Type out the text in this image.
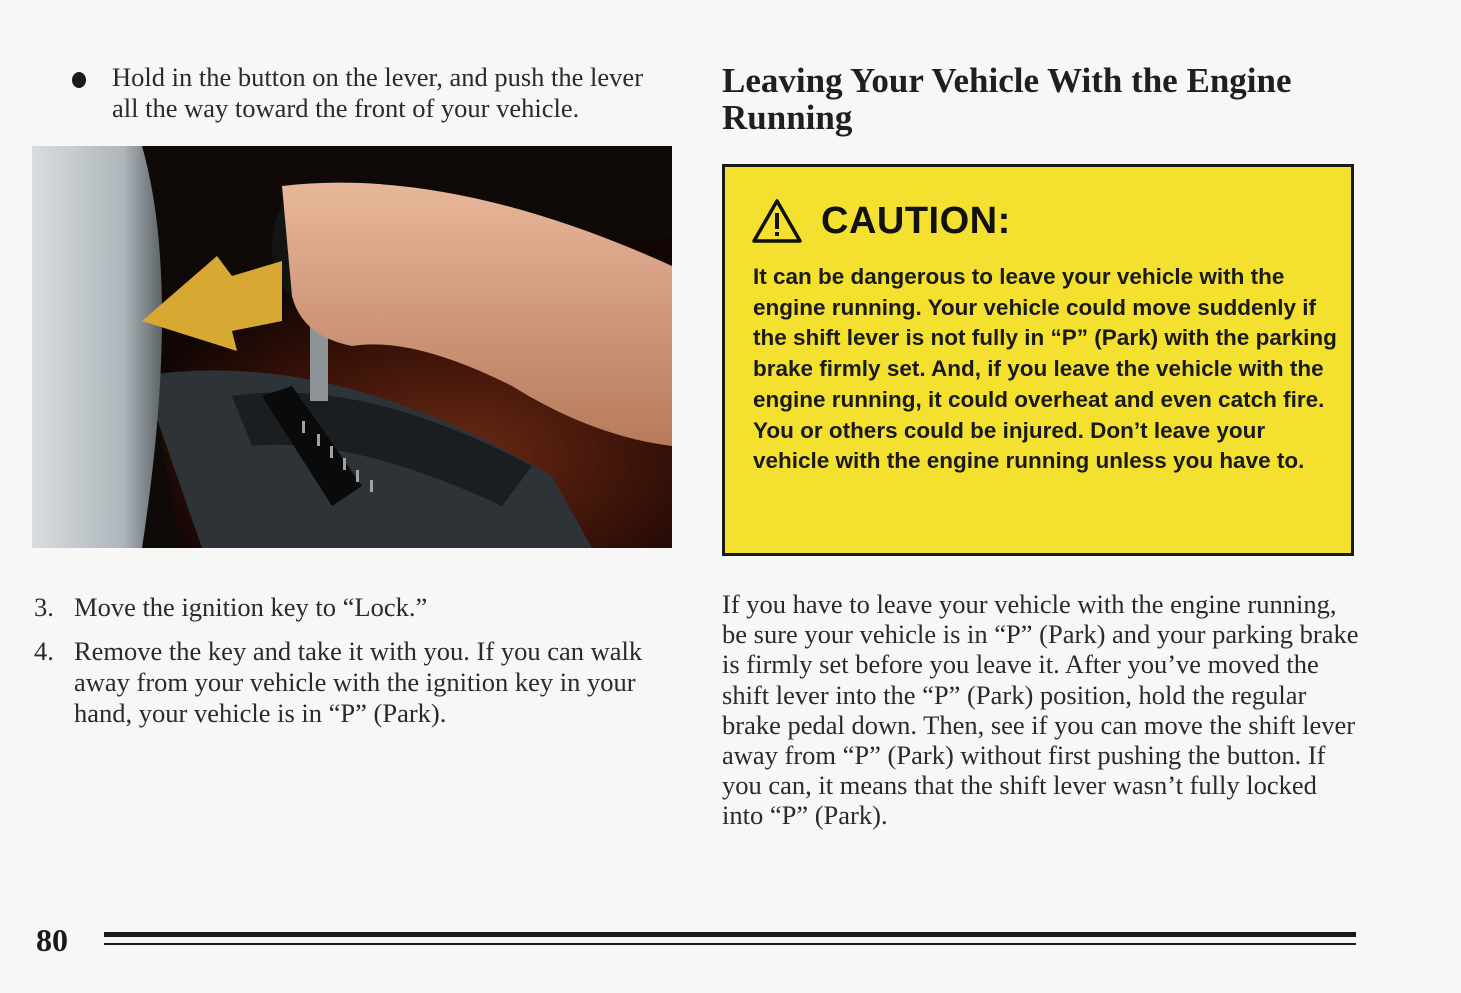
Hold in the button on the lever, and push the lever all the way toward the front of your vehicle.
3. Move the ignition key to “Lock.”
4. Remove the key and take it with you. If you can walk away from your vehicle with the ignition key in your hand, your vehicle is in “P” (Park).
Leaving Your Vehicle With the Engine Running
CAUTION:
It can be dangerous to leave your vehicle with the engine running. Your vehicle could move suddenly if the shift lever is not fully in “P” (Park) with the parking brake firmly set. And, if you leave the vehicle with the engine running, it could overheat and even catch fire. You or others could be injured. Don’t leave your vehicle with the engine running unless you have to.
If you have to leave your vehicle with the engine running, be sure your vehicle is in “P” (Park) and your parking brake is firmly set before you leave it. After you’ve moved the shift lever into the “P” (Park) position, hold the regular brake pedal down. Then, see if you can move the shift lever away from “P” (Park) without first pushing the button. If you can, it means that the shift lever wasn’t fully locked into “P” (Park).
80
